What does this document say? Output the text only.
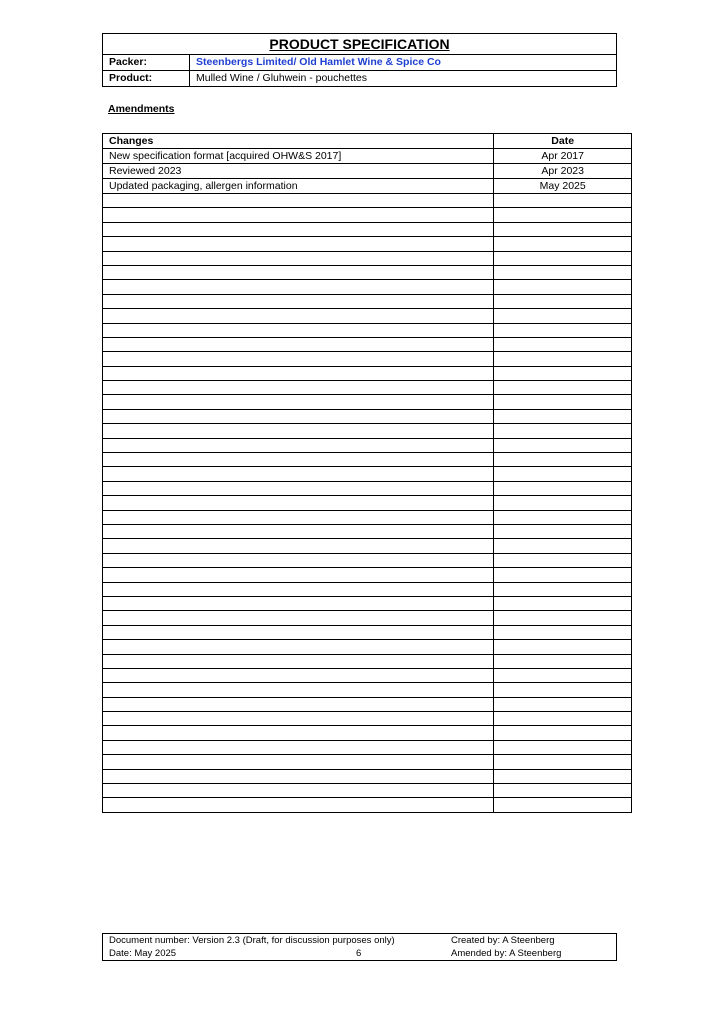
PRODUCT SPECIFICATION
Packer:	Steenbergs Limited/ Old Hamlet Wine & Spice Co
Product:	Mulled Wine / Gluhwein - pouchettes
Amendments
Changes	Date
New specification format [acquired OHW&S 2017]	Apr 2017
Reviewed 2023	Apr 2023
Updated packaging, allergen information	May 2025

Document number: Version 2.3 (Draft, for discussion purposes only)
Date: May 2025	6
Created by: A Steenberg
Amended by: A Steenberg
